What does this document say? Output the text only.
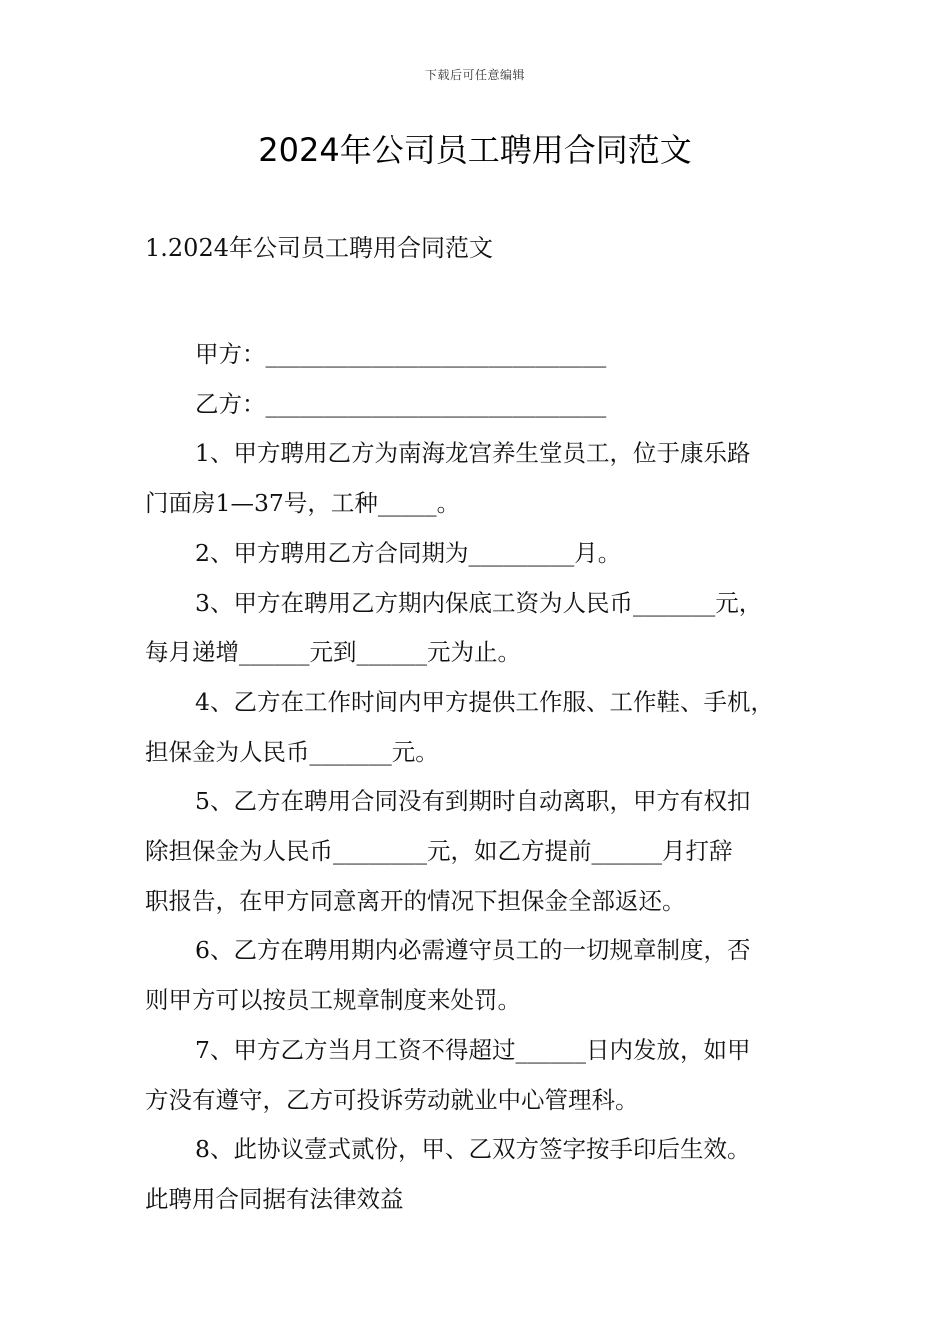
下载后可任意编辑
2024年公司员工聘用合同范文
1.2024年公司员工聘用合同范文

甲方：_____________________________

乙方：_____________________________

1、甲方聘用乙方为南海龙宫养生堂员工，位于康乐路

门面房1—37号，工种_____。

2、甲方聘用乙方合同期为_________月。

3、甲方在聘用乙方期内保底工资为人民币_______元，

每月递增______元到______元为止。

4、乙方在工作时间内甲方提供工作服、工作鞋、手机，

担保金为人民币_______元。

5、乙方在聘用合同没有到期时自动离职，甲方有权扣

除担保金为人民币________元，如乙方提前______月打辞

职报告，在甲方同意离开的情况下担保金全部返还。

6、乙方在聘用期内必需遵守员工的一切规章制度，否

则甲方可以按员工规章制度来处罚。

7、甲方乙方当月工资不得超过______日内发放，如甲

方没有遵守，乙方可投诉劳动就业中心管理科。

8、此协议壹式贰份，甲、乙双方签字按手印后生效。

此聘用合同据有法律效益
